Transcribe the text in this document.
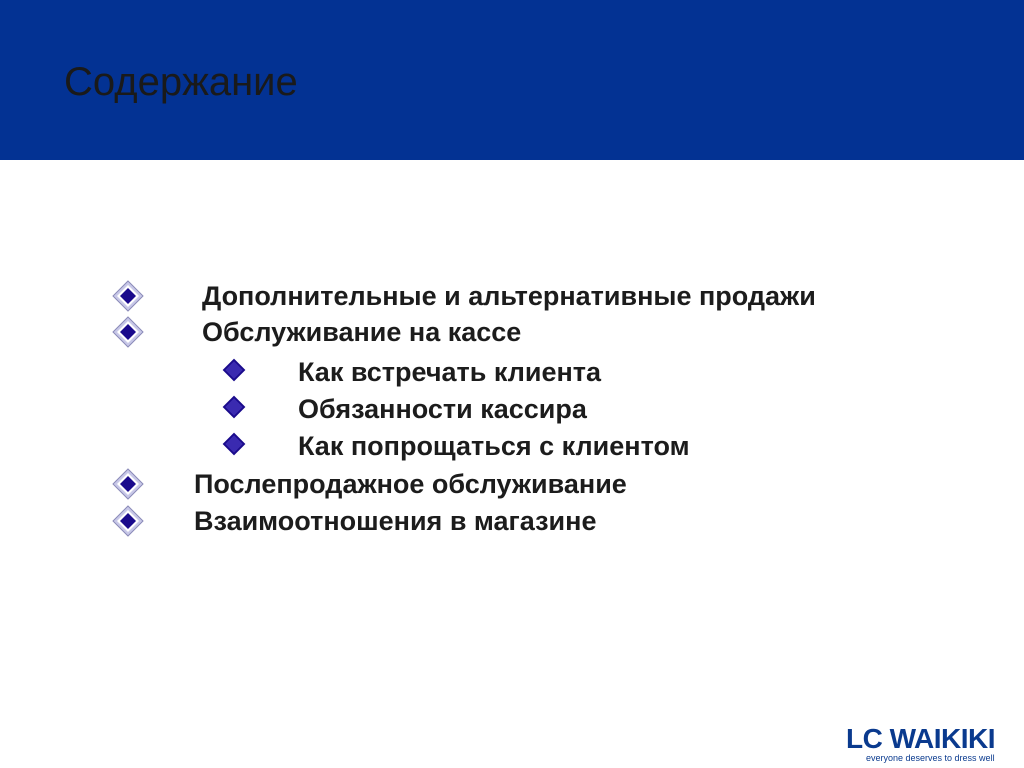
Содержание
Дополнительные и альтернативные продажи
Обслуживание на кассе
Как встречать клиента
Обязанности кассира
Как попрощаться с клиентом
Послепродажное обслуживание
Взаимоотношения в магазине
LC WAIKIKI
everyone deserves to dress well
